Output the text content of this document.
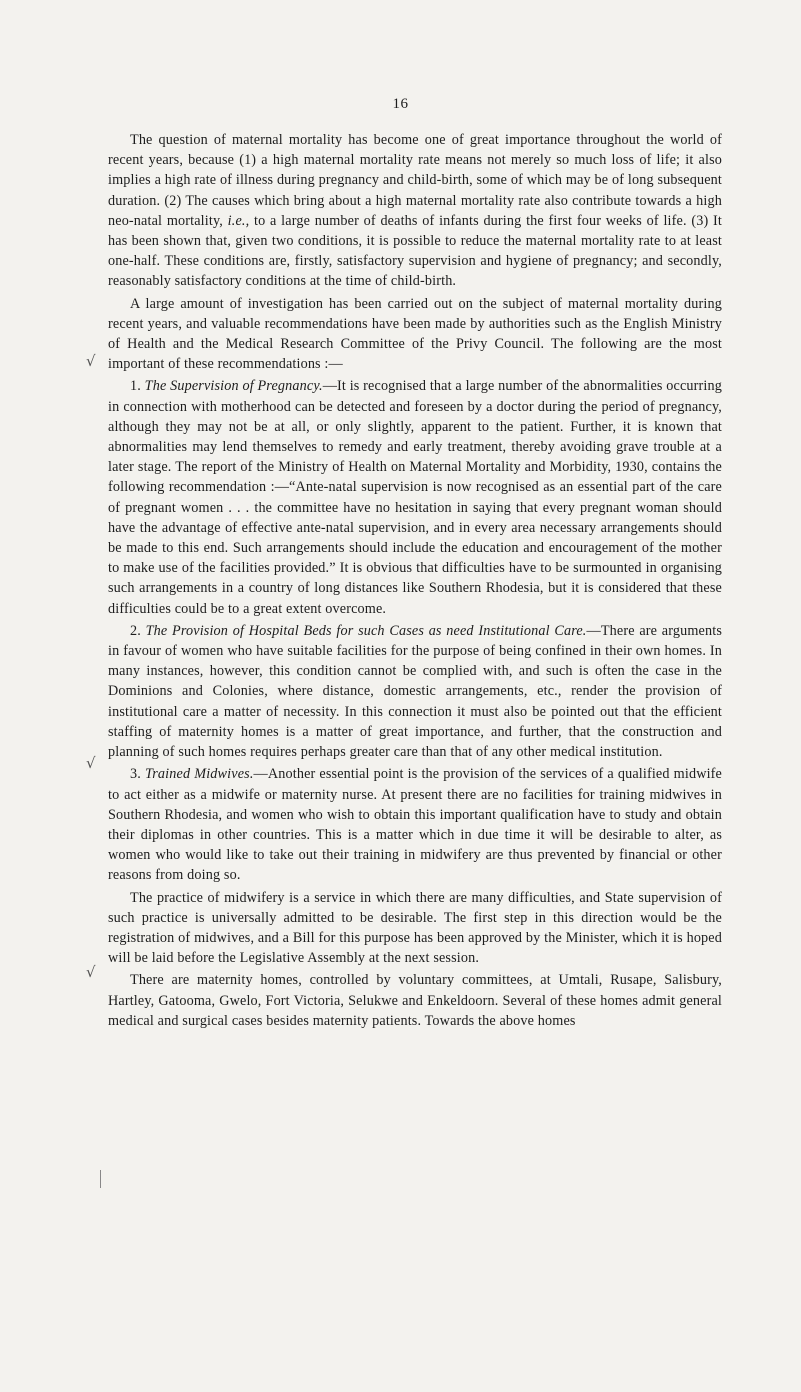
16
√
√
√

The question of maternal mortality has become one of great importance throughout the world of recent years, because (1) a high maternal mortality rate means not merely so much loss of life; it also implies a high rate of illness during pregnancy and child-birth, some of which may be of long subsequent duration. (2) The causes which bring about a high maternal mortality rate also contribute towards a high neo-natal mortality, i.e., to a large number of deaths of infants during the first four weeks of life. (3) It has been shown that, given two conditions, it is possible to reduce the maternal mortality rate to at least one-half. These conditions are, firstly, satisfactory supervision and hygiene of pregnancy; and secondly, reasonably satisfactory conditions at the time of child-birth.

A large amount of investigation has been carried out on the subject of maternal mortality during recent years, and valuable recommendations have been made by authorities such as the English Ministry of Health and the Medical Research Committee of the Privy Council. The following are the most important of these recommendations :—

1. The Supervision of Pregnancy.—It is recognised that a large number of the abnormalities occurring in connection with motherhood can be detected and foreseen by a doctor during the period of pregnancy, although they may not be at all, or only slightly, apparent to the patient. Further, it is known that abnormalities may lend themselves to remedy and early treatment, thereby avoiding grave trouble at a later stage. The report of the Ministry of Health on Maternal Mortality and Morbidity, 1930, contains the following recommendation :—“Ante-natal supervision is now recognised as an essential part of the care of pregnant women . . . the committee have no hesitation in saying that every pregnant woman should have the advantage of effective ante-natal supervision, and in every area necessary arrangements should be made to this end. Such arrangements should include the education and encouragement of the mother to make use of the facilities provided.” It is obvious that difficulties have to be surmounted in organising such arrangements in a country of long distances like Southern Rhodesia, but it is considered that these difficulties could be to a great extent overcome.

2. The Provision of Hospital Beds for such Cases as need Institutional Care.—There are arguments in favour of women who have suitable facilities for the purpose of being confined in their own homes. In many instances, however, this condition cannot be complied with, and such is often the case in the Dominions and Colonies, where distance, domestic arrangements, etc., render the provision of institutional care a matter of necessity. In this connection it must also be pointed out that the efficient staffing of maternity homes is a matter of great importance, and further, that the construction and planning of such homes requires perhaps greater care than that of any other medical institution.

3. Trained Midwives.—Another essential point is the provision of the services of a qualified midwife to act either as a midwife or maternity nurse. At present there are no facilities for training midwives in Southern Rhodesia, and women who wish to obtain this important qualification have to study and obtain their diplomas in other countries. This is a matter which in due time it will be desirable to alter, as women who would like to take out their training in midwifery are thus prevented by financial or other reasons from doing so.

The practice of midwifery is a service in which there are many difficulties, and State supervision of such practice is universally admitted to be desirable. The first step in this direction would be the registration of midwives, and a Bill for this purpose has been approved by the Minister, which it is hoped will be laid before the Legislative Assembly at the next session.

There are maternity homes, controlled by voluntary committees, at Umtali, Rusape, Salisbury, Hartley, Gatooma, Gwelo, Fort Victoria, Selukwe and Enkeldoorn. Several of these homes admit general medical and surgical cases besides maternity patients. Towards the above homes
